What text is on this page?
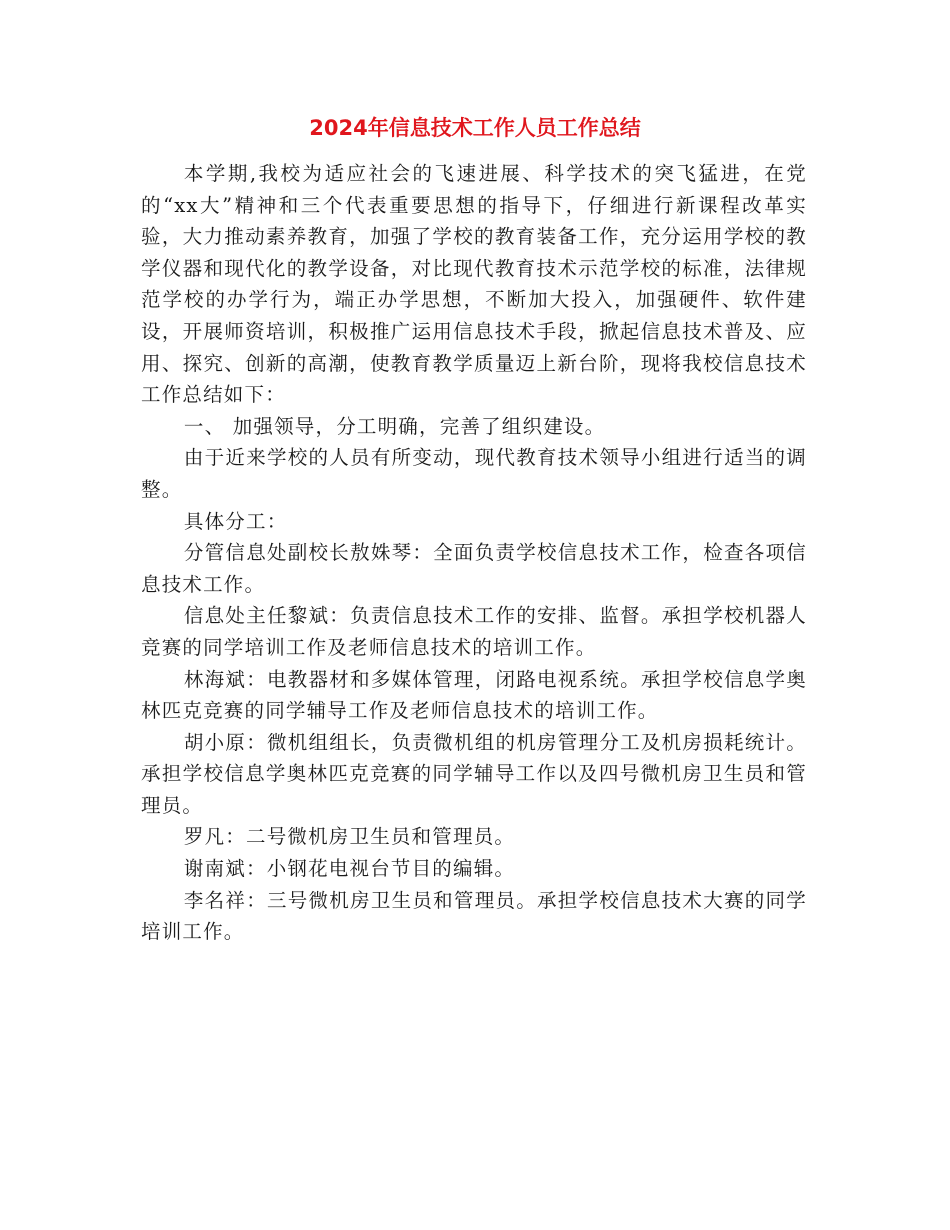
2024年信息技术工作人员工作总结

本学期,我校为适应社会的飞速进展、科学技术的突飞猛进，在党的“xx大”精神和三个代表重要思想的指导下，仔细进行新课程改革实验，大力推动素养教育，加强了学校的教育装备工作，充分运用学校的教学仪器和现代化的教学设备，对比现代教育技术示范学校的标准，法律规范学校的办学行为，端正办学思想，不断加大投入，加强硬件、软件建设，开展师资培训，积极推广运用信息技术手段，掀起信息技术普及、应用、探究、创新的高潮，使教育教学质量迈上新台阶，现将我校信息技术工作总结如下：

一、 加强领导，分工明确，完善了组织建设。

由于近来学校的人员有所变动，现代教育技术领导小组进行适当的调整。

具体分工：

分管信息处副校长敖姝琴：全面负责学校信息技术工作，检查各项信息技术工作。

信息处主任黎斌：负责信息技术工作的安排、监督。承担学校机器人竞赛的同学培训工作及老师信息技术的培训工作。

林海斌：电教器材和多媒体管理，闭路电视系统。承担学校信息学奥林匹克竞赛的同学辅导工作及老师信息技术的培训工作。

胡小原：微机组组长，负责微机组的机房管理分工及机房损耗统计。承担学校信息学奥林匹克竞赛的同学辅导工作以及四号微机房卫生员和管理员。

罗凡：二号微机房卫生员和管理员。

谢南斌：小钢花电视台节目的编辑。

李名祥：三号微机房卫生员和管理员。承担学校信息技术大赛的同学培训工作。
